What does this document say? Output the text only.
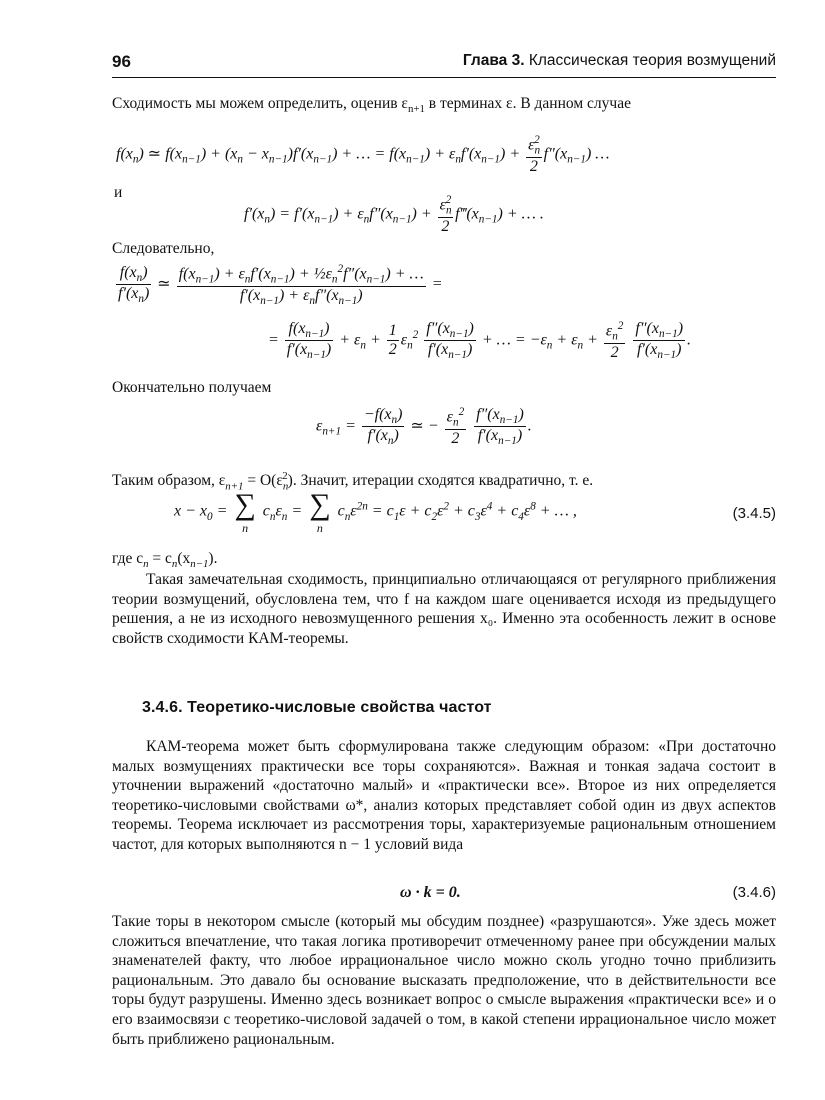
96	Глава 3. Классическая теория возмущений
Сходимость мы можем определить, оценив $\varepsilon_{n+1}$ в терминах ε. В данном случае
$f(x_n)$ ≃ $f(x_{n-1}) + (x_n - x_{n-1})f'(x_{n-1})$ + … = $f(x_{n-1}) + \varepsilon_nf'(x_{n-1}) + \frac{\varepsilon_n^2}{2} f''(x_{n-1})$ …
и
$f'(x_n) = f'(x_{n-1}) + \varepsilon_nf''(x_{n-1}) + \frac{\varepsilon_n^2}{2}$ $f‴(x_{n-1})$ + … .
Следовательно,
$\frac{f(x_n)}{f'(x_n)}$ ≃ $\frac{f(x_{n-1}) + \varepsilon_nf'(x_{n-1}) + \frac{1}{2}\varepsilon_n^2f''(x_{n-1}) + \dots}{f'(x_{n-1}) + \varepsilon_nf''(x_{n-1})}$ =
= $\frac{f(x_{n-1})}{f'(x_{n-1})} + \varepsilon_n + \frac{1}{2} \varepsilon_n^2 \frac{f''(x_{n-1})}{f'(x_{n-1})}$ + … = $-\varepsilon_n + \varepsilon_n + \frac{\varepsilon_n^2}{2}$
$\frac{f''(x_{n-1})}{f'(x_{n-1})}$ .
Окончательно получаем
$\varepsilon_{n+1} = \frac{-f(x_n)}{f'(x_n)}$ ≃ − $\frac{\varepsilon_n^2}{2}$
$\frac{f''(x_{n-1})}{f'(x_{n-1})}$ .
Таким образом, $\varepsilon_{n+1} = O(\varepsilon_n^2)$. Значит, итерации сходятся квадратично, т. е.
$x - x_0$ = ∑
n
$c_n\varepsilon_n$ = ∑
n
$c_n\varepsilon^{2n} = c_1\varepsilon + c_2\varepsilon^2 + c_3\varepsilon^4 + c_4\varepsilon^8$ + … ,	(3.4.5)
где $c_n = c_n(x_{n-1})$.
Такая замечательная сходимость, принципиально отличающаяся от регулярного приближения теории возмущений, обусловлена тем, что f на каждом шаге оценивается исходя из предыдущего решения, а не из исходного невозмущенного решения x₀. Именно эта особенность лежит в основе свойств сходимости КАМ-теоремы.
3.4.6. Теоретико-числовые свойства частот
КАМ-теорема может быть сформулирована также следующим образом: «При достаточно малых возмущениях практически все торы сохраняются». Важная и тонкая задача состоит в уточнении выражений «достаточно малый» и «практически все». Второе из них определяется теоретико-числовыми свойствами ω*, анализ которых представляет собой один из двух аспектов теоремы. Теорема исключает из рассмотрения торы, характеризуемые рациональным отношением частот, для которых выполняются n − 1 условий вида
ω · k = 0.	(3.4.6)
Такие торы в некотором смысле (который мы обсудим позднее) «разрушаются». Уже здесь может сложиться впечатление, что такая логика противоречит отмеченному ранее при обсуждении малых знаменателей факту, что любое иррациональное число можно сколь угодно точно приблизить рациональным. Это давало бы основание высказать предположение, что в действительности все торы будут разрушены. Именно здесь возникает вопрос о смысле выражения «практически все» и о его взаимосвязи с теоретико-числовой задачей о том, в какой степени иррациональное число может быть приближено рациональным.
